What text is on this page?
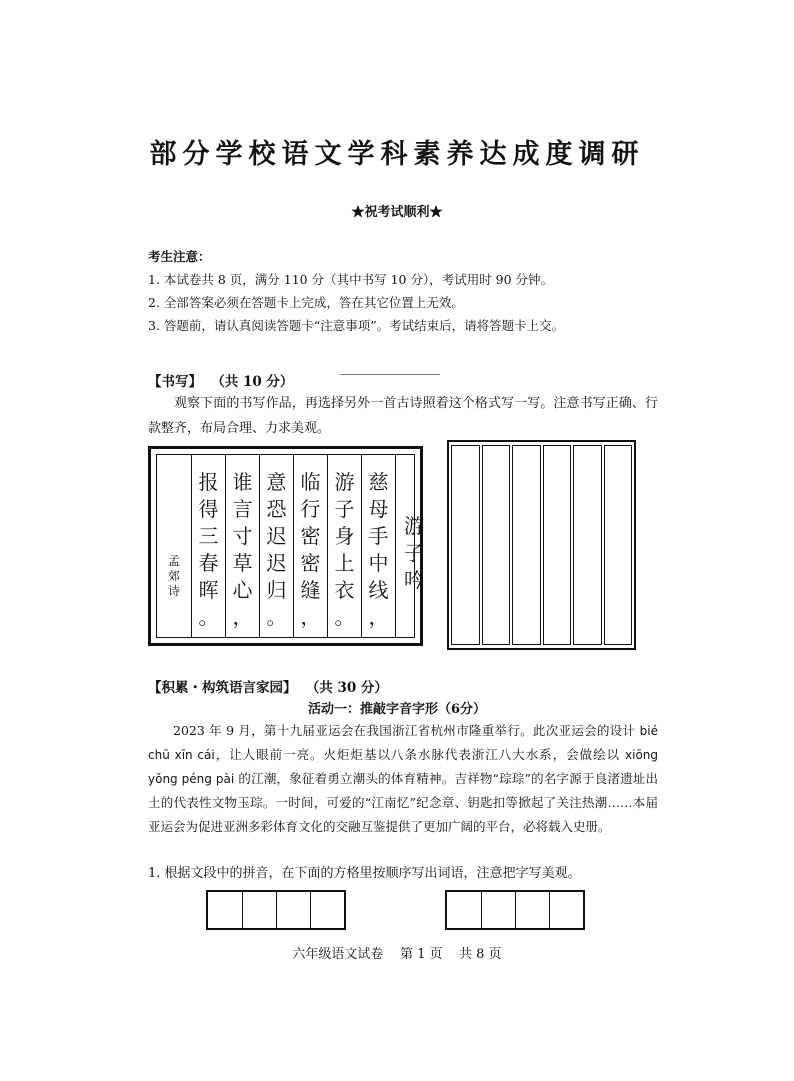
部分学校语文学科素养达成度调研
★祝考试顺利★
考生注意：
1. 本试卷共 8 页，满分 110 分（其中书写 10 分），考试用时 90 分钟。
2. 全部答案必须在答题卡上完成，答在其它位置上无效。
3. 答题前，请认真阅读答题卡“注意事项”。考试结束后，请将答题卡上交。
【书写】 （共 10 分）
观察下面的书写作品，再选择另外一首古诗照着这个格式写一写。注意书写正确、行款整齐，布局合理、力求美观。
孟
郊
诗
报
得
三
春
晖
。
谁
言
寸
草
心
，
意
恐
迟
迟
归
。
临
行
密
密
缝
，
游
子
身
上
衣
。
慈
母
手
中
线
，
游
子
吟
【积累・构筑语言家园】 （共 30 分）
活动一：推敲字音字形（6分）
2023 年 9 月，第十九届亚运会在我国浙江省杭州市隆重举行。此次亚运会的设计 bié chū xīn cái，让人眼前一亮。火炬炬基以八条水脉代表浙江八大水系，会做绘以 xiōng yǒng péng pài 的江潮，象征着勇立潮头的体育精神。吉祥物“琮琮”的名字源于良渚遗址出土的代表性文物玉琮。一时间，可爱的“江南忆”纪念章、钥匙扣等掀起了关注热潮……本届亚运会为促进亚洲多彩体育文化的交融互鉴提供了更加广阔的平台，必将载入史册。
1. 根据文段中的拼音，在下面的方格里按顺序写出词语，注意把字写美观。
六年级语文试卷    第 1 页    共 8 页
